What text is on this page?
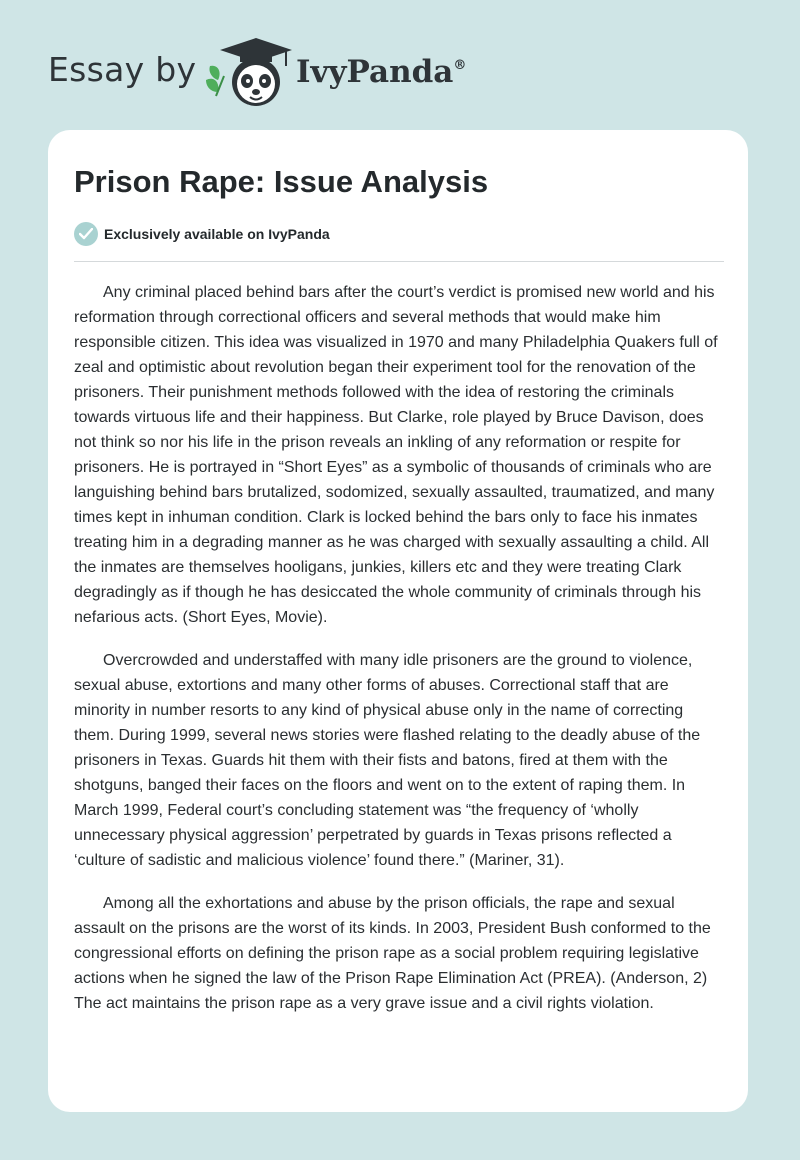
Essay by	IvyPanda®
Prison Rape: Issue Analysis
Exclusively available on IvyPanda

Any criminal placed behind bars after the court’s verdict is promised new world and his reformation through correctional officers and several methods that would make him responsible citizen. This idea was visualized in 1970 and many Philadelphia Quakers full of zeal and optimistic about revolution began their experiment tool for the renovation of the prisoners. Their punishment methods followed with the idea of restoring the criminals towards virtuous life and their happiness. But Clarke, role played by Bruce Davison, does not think so nor his life in the prison reveals an inkling of any reformation or respite for prisoners. He is portrayed in “Short Eyes” as a symbolic of thousands of criminals who are languishing behind bars brutalized, sodomized, sexually assaulted, traumatized, and many times kept in inhuman condition. Clark is locked behind the bars only to face his inmates treating him in a degrading manner as he was charged with sexually assaulting a child. All the inmates are themselves hooligans, junkies, killers etc and they were treating Clark degradingly as if though he has desiccated the whole community of criminals through his nefarious acts. (Short Eyes, Movie).

Overcrowded and understaffed with many idle prisoners are the ground to violence, sexual abuse, extortions and many other forms of abuses. Correctional staff that are minority in number resorts to any kind of physical abuse only in the name of correcting them. During 1999, several news stories were flashed relating to the deadly abuse of the prisoners in Texas. Guards hit them with their fists and batons, fired at them with the shotguns, banged their faces on the floors and went on to the extent of raping them. In March 1999, Federal court’s concluding statement was “the frequency of ‘wholly unnecessary physical aggression’ perpetrated by guards in Texas prisons reflected a ‘culture of sadistic and malicious violence’ found there.” (Mariner, 31).

Among all the exhortations and abuse by the prison officials, the rape and sexual assault on the prisons are the worst of its kinds. In 2003, President Bush conformed to the congressional efforts on defining the prison rape as a social problem requiring legislative actions when he signed the law of the Prison Rape Elimination Act (PREA). (Anderson, 2) The act maintains the prison rape as a very grave issue and a civil rights violation.
